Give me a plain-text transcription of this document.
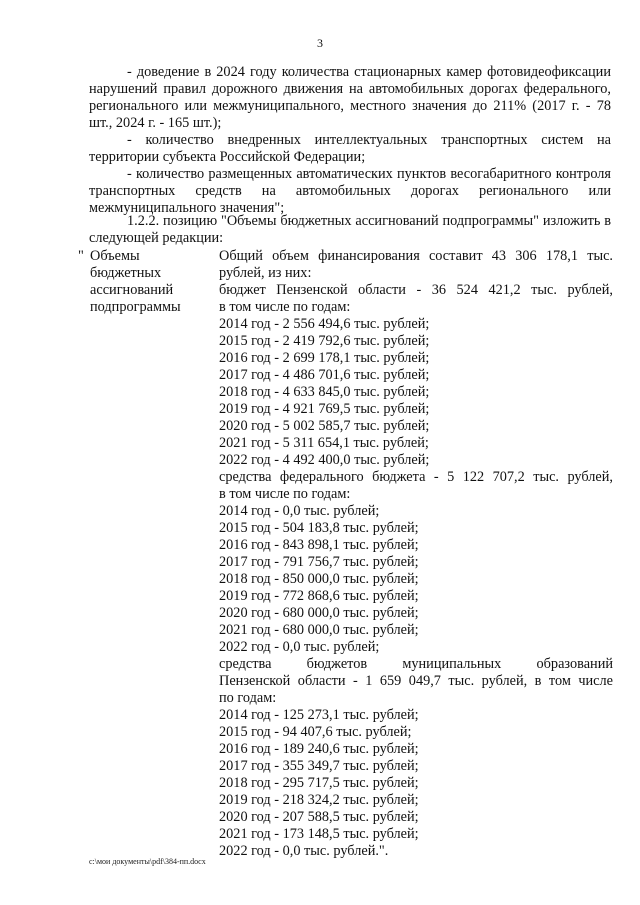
3

- доведение в 2024 году количества стационарных камер фотовидеофиксации нарушений правил дорожного движения на автомобильных дорогах федерального, регионального или межмуниципального, местного значения до 211% (2017 г. - 78 шт., 2024 г. - 165 шт.);

- количество внедренных интеллектуальных транспортных систем на территории субъекта Российской Федерации;

- количество размещенных автоматических пунктов весогабаритного контроля транспортных средств на автомобильных дорогах регионального или межмуниципального значения";

1.2.2. позицию "Объемы бюджетных ассигнований подпрограммы" изложить в следующей редакции:

" Объемы
бюджетных
ассигнований
подпрограммы
Общий объем финансирования составит 43 306 178,1 тыс.
рублей, из них:
бюджет Пензенской области - 36 524 421,2 тыс. рублей,
в том числе по годам:
2014 год - 2 556 494,6 тыс. рублей;
2015 год - 2 419 792,6 тыс. рублей;
2016 год - 2 699 178,1 тыс. рублей;
2017 год - 4 486 701,6 тыс. рублей;
2018 год - 4 633 845,0 тыс. рублей;
2019 год - 4 921 769,5 тыс. рублей;
2020 год - 5 002 585,7 тыс. рублей;
2021 год - 5 311 654,1 тыс. рублей;
2022 год - 4 492 400,0 тыс. рублей;
средства федерального бюджета - 5 122 707,2 тыс. рублей,
в том числе по годам:
2014 год - 0,0 тыс. рублей;
2015 год - 504 183,8 тыс. рублей;
2016 год - 843 898,1 тыс. рублей;
2017 год - 791 756,7 тыс. рублей;
2018 год - 850 000,0 тыс. рублей;
2019 год - 772 868,6 тыс. рублей;
2020 год - 680 000,0 тыс. рублей;
2021 год - 680 000,0 тыс. рублей;
2022 год - 0,0 тыс. рублей;
средства бюджетов муниципальных образований
Пензенской области - 1 659 049,7 тыс. рублей, в том числе
по годам:
2014 год - 125 273,1 тыс. рублей;
2015 год - 94 407,6 тыс. рублей;
2016 год - 189 240,6 тыс. рублей;
2017 год - 355 349,7 тыс. рублей;
2018 год - 295 717,5 тыс. рублей;
2019 год - 218 324,2 тыс. рублей;
2020 год - 207 588,5 тыс. рублей;
2021 год - 173 148,5 тыс. рублей;
2022 год - 0,0 тыс. рублей.".
c:\мои документы\pdf\384-пп.docx
